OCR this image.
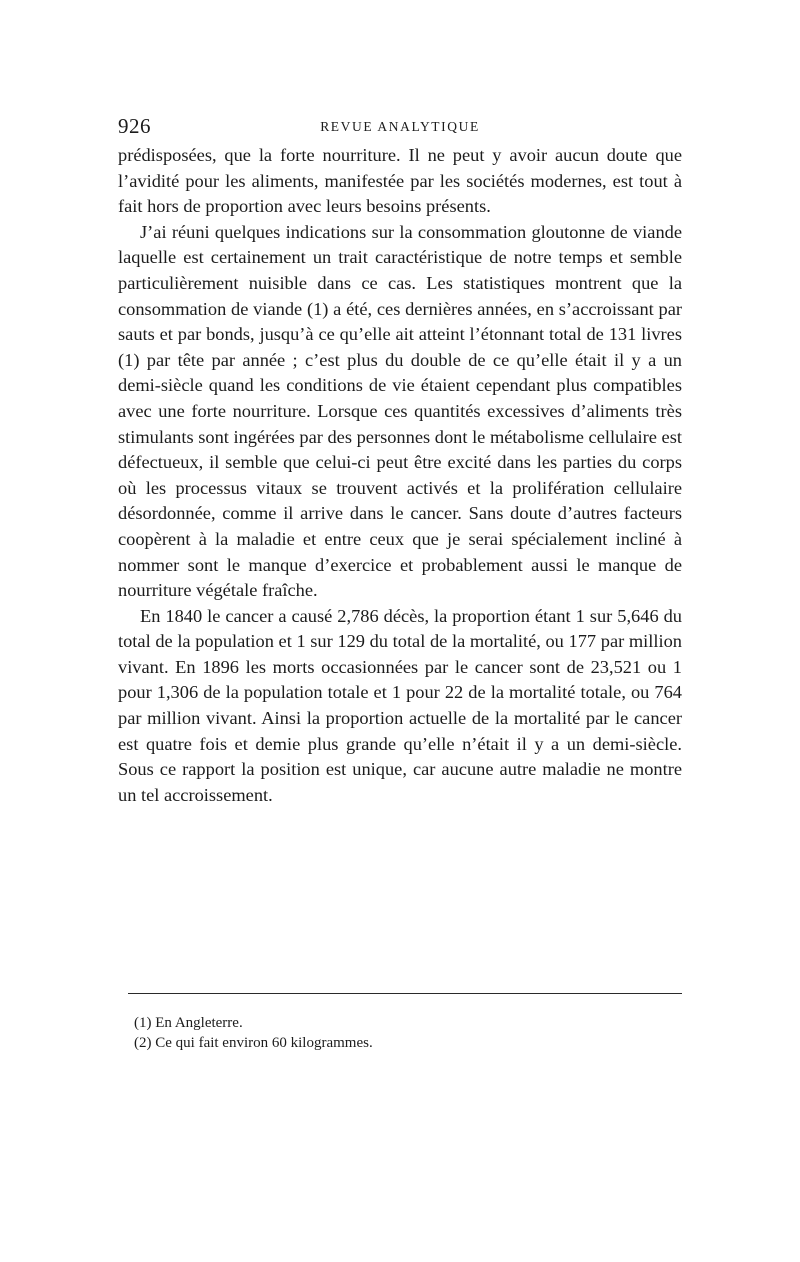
926	REVUE ANALYTIQUE

prédisposées, que la forte nourriture. Il ne peut y avoir aucun doute que l’avidité pour les aliments, manifestée par les sociétés modernes, est tout à fait hors de proportion avec leurs besoins présents.

J’ai réuni quelques indications sur la consommation gloutonne de viande laquelle est certainement un trait caractéristique de notre temps et semble particulièrement nuisible dans ce cas. Les statistiques montrent que la consommation de viande (1) a été, ces dernières années, en s’accroissant par sauts et par bonds, jusqu’à ce qu’elle ait atteint l’étonnant total de 131 livres (1) par tête par année ; c’est plus du double de ce qu’elle était il y a un demi-siècle quand les conditions de vie étaient cependant plus compatibles avec une forte nourriture. Lorsque ces quantités excessives d’aliments très stimulants sont ingérées par des personnes dont le métabolisme cellulaire est défectueux, il semble que celui-ci peut être excité dans les parties du corps où les processus vitaux se trouvent activés et la prolifération cellulaire désordonnée, comme il arrive dans le cancer. Sans doute d’autres facteurs coopèrent à la maladie et entre ceux que je serai spécialement incliné à nommer sont le manque d’exercice et probablement aussi le manque de nourriture végétale fraîche.

En 1840 le cancer a causé 2,786 décès, la proportion étant 1 sur 5,646 du total de la population et 1 sur 129 du total de la mortalité, ou 177 par million vivant. En 1896 les morts occasionnées par le cancer sont de 23,521 ou 1 pour 1,306 de la population totale et 1 pour 22 de la mortalité totale, ou 764 par million vivant. Ainsi la proportion actuelle de la mortalité par le cancer est quatre fois et demie plus grande qu’elle n’était il y a un demi-siècle. Sous ce rapport la position est unique, car aucune autre maladie ne montre un tel accroissement.

(1) En Angleterre.
(2) Ce qui fait environ 60 kilogrammes.
